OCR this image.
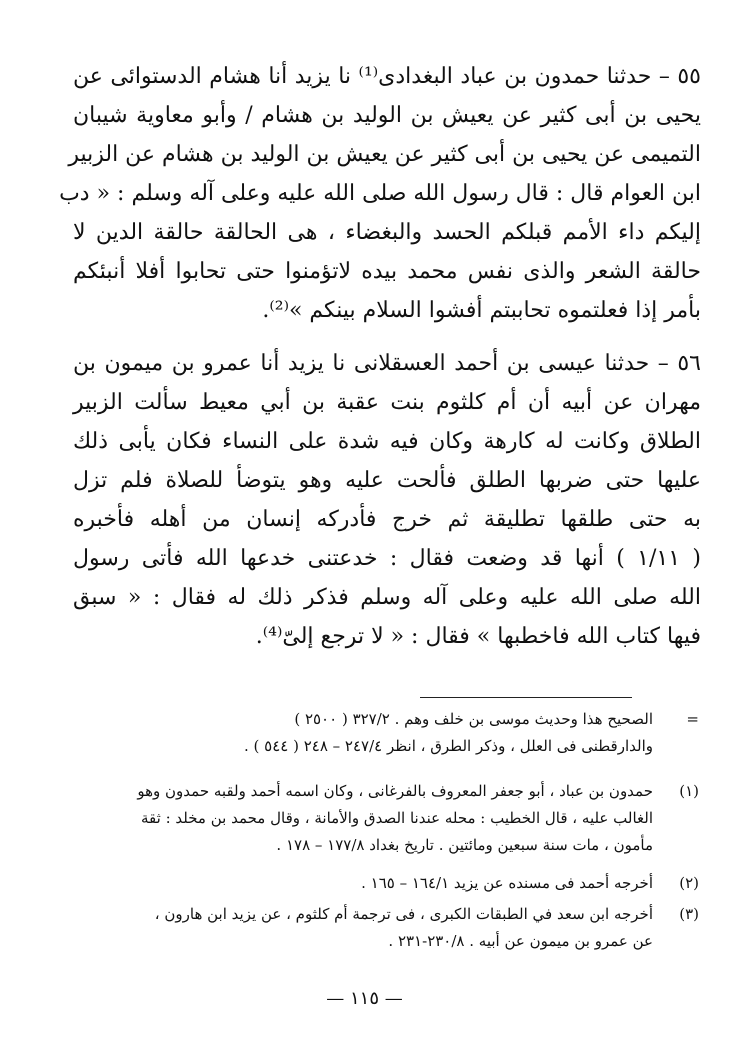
٥٥ – حدثنا حمدون بن عباد البغدادى⁽¹⁾ نا يزيد أنا هشام الدستوائى عن
يحيى بن أبى كثير عن يعيش بن الوليد بن هشام / وأبو معاوية شيبان
التميمى عن يحيى بن أبى كثير عن يعيش بن الوليد بن هشام عن الزبير
ابن العوام قال : قال رسول الله صلى الله عليه وعلى آله وسلم : « دب
إليكم داء الأمم قبلكم الحسد والبغضاء ، هى الحالقة حالقة الدين لا
حالقة الشعر والذى نفس محمد بيده لاتؤمنوا حتى تحابوا أفلا أنبئكم
بأمر إذا فعلتموه تحاببتم أفشوا السلام بينكم »⁽²⁾.
٥٦ – حدثنا عيسى بن أحمد العسقلانى نا يزيد أنا عمرو بن ميمون بن
مهران عن أبيه أن أم كلثوم بنت عقبة بن أبي معيط سألت الزبير
الطلاق وكانت له كارهة وكان فيه شدة على النساء فكان يأبى ذلك
عليها حتى ضربها الطلق فألحت عليه وهو يتوضأ للصلاة فلم تزل
به حتى طلقها تطليقة ثم خرج فأدركه إنسان من أهله فأخبره
( ١/١١ ) أنها قد وضعت فقال : خدعتنى خدعها الله فأتى رسول
الله صلى الله عليه وعلى آله وسلم فذكر ذلك له فقال : « سبق
فيها كتاب الله فاخطبها » فقال : « لا ترجع إلىّ⁽⁴⁾.
=
الصحيح هذا وحديث موسى بن خلف وهم . ٣٢٧/٢ ( ٢٥٠٠ )
والدارقطنى فى العلل ، وذكر الطرق ، انظر ٢٤٧/٤ – ٢٤٨ ( ٥٤٤ ) .
(١)
حمدون بن عباد ، أبو جعفر المعروف بالفرغانى ، وكان اسمه أحمد ولقبه حمدون وهو
الغالب عليه ، قال الخطيب : محله عندنا الصدق والأمانة ، وقال محمد بن مخلد : ثقة
مأمون ، مات سنة سبعين ومائتين . تاريخ بغداد ١٧٧/٨ – ١٧٨ .
(٢)
أخرجه أحمد فى مسنده عن يزيد ١٦٤/١ – ١٦٥ .
(٣)
أخرجه ابن سعد في الطبقات الكبرى ، فى ترجمة أم كلثوم ، عن يزيد ابن هارون ،
عن عمرو بن ميمون عن أبيه . ٢٣٠/٨-٢٣١ .
— ١١٥ —
